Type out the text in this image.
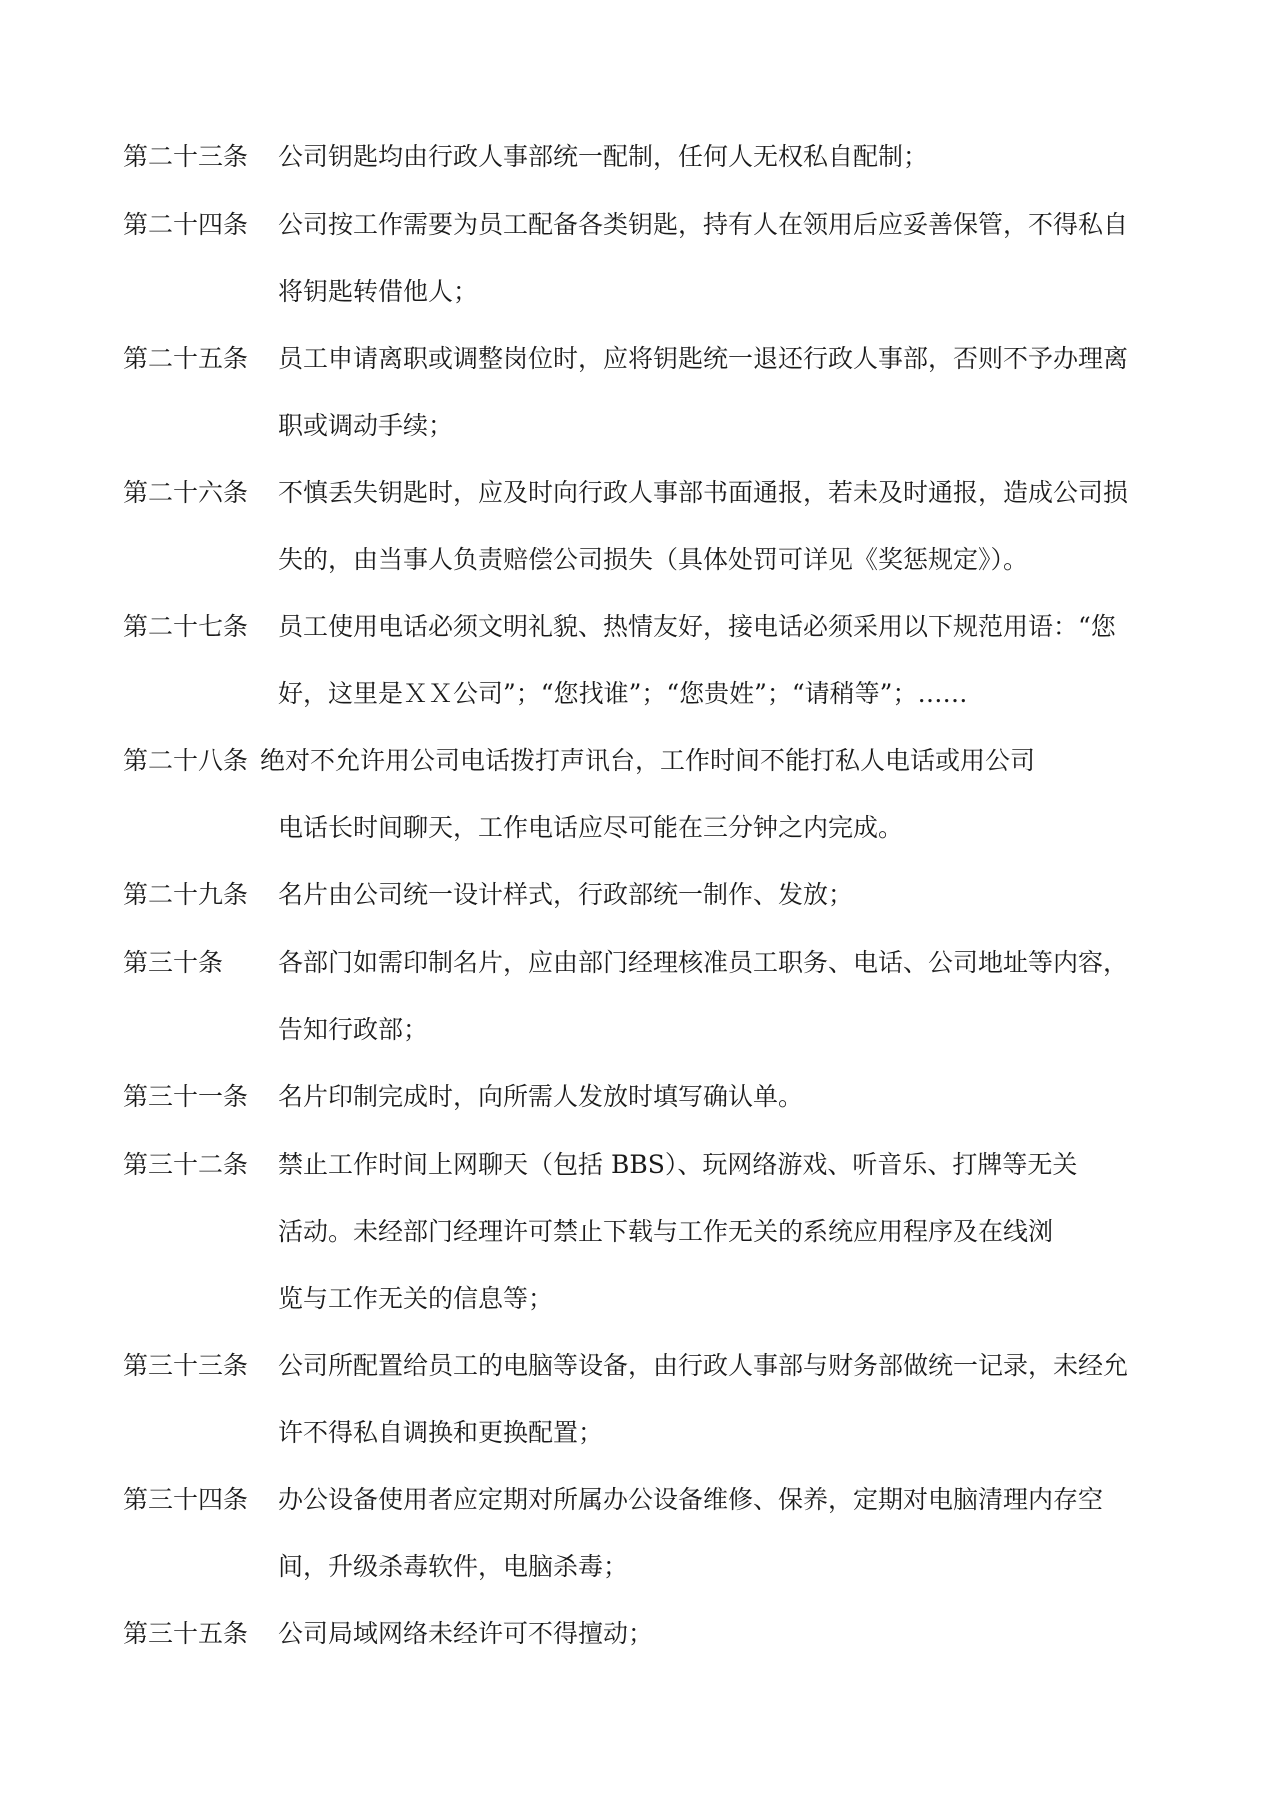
第二十三条 公司钥匙均由行政人事部统一配制，任何人无权私自配制；
第二十四条 公司按工作需要为员工配备各类钥匙，持有人在领用后应妥善保管，不得私自
将钥匙转借他人；
第二十五条 员工申请离职或调整岗位时，应将钥匙统一退还行政人事部，否则不予办理离
职或调动手续；
第二十六条 不慎丢失钥匙时，应及时向行政人事部书面通报，若未及时通报，造成公司损
失的，由当事人负责赔偿公司损失（具体处罚可详见《奖惩规定》）。
第二十七条 员工使用电话必须文明礼貌、热情友好，接电话必须采用以下规范用语：“您
好，这里是ＸＸ公司”；“您找谁”；“您贵姓”；“请稍等”；……
第二十八条 绝对不允许用公司电话拨打声讯台，工作时间不能打私人电话或用公司
电话长时间聊天，工作电话应尽可能在三分钟之内完成。
第二十九条 名片由公司统一设计样式，行政部统一制作、发放；
第三十条 各部门如需印制名片，应由部门经理核准员工职务、电话、公司地址等内容，
告知行政部；
第三十一条 名片印制完成时，向所需人发放时填写确认单。
第三十二条 禁止工作时间上网聊天（包括 BBS）、玩网络游戏、听音乐、打牌等无关
活动。未经部门经理许可禁止下载与工作无关的系统应用程序及在线浏
览与工作无关的信息等；
第三十三条 公司所配置给员工的电脑等设备，由行政人事部与财务部做统一记录，未经允
许不得私自调换和更换配置；
第三十四条 办公设备使用者应定期对所属办公设备维修、保养，定期对电脑清理内存空
间，升级杀毒软件，电脑杀毒；
第三十五条 公司局域网络未经许可不得擅动；
